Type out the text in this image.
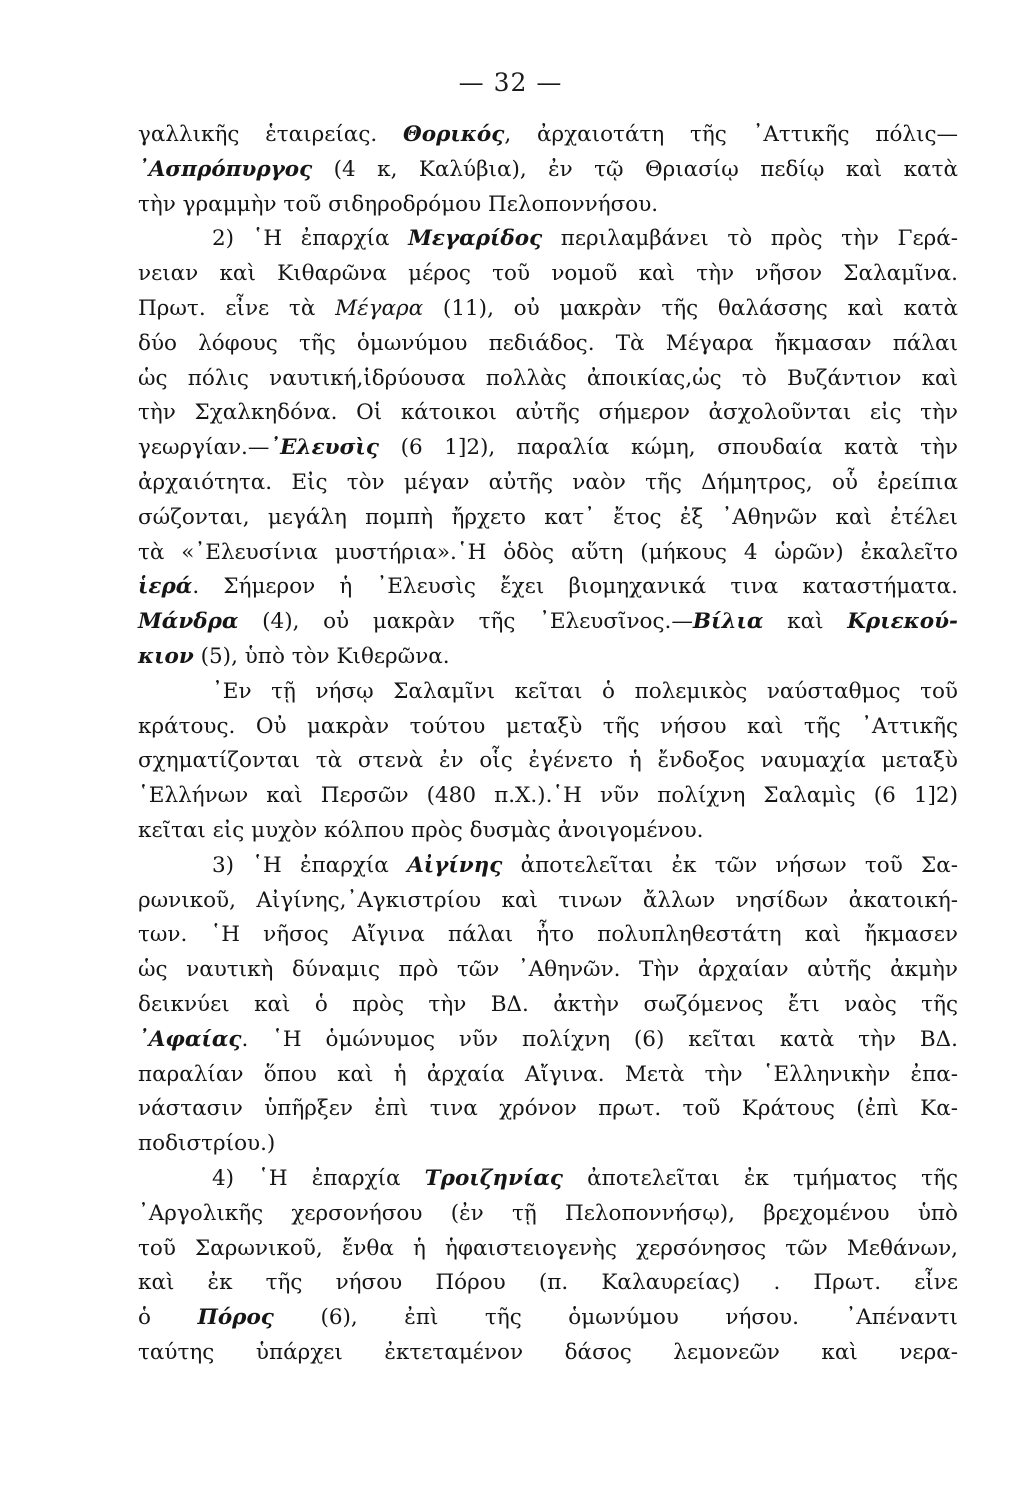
— 32 —
γαλλικῆς ἑταιρείας. Θορικός, ἀρχαιοτάτη τῆς ᾿Αττικῆς πόλις—
᾿Ασπρόπυργος (4 κ, Καλύβια), ἐν τῷ Θριασίῳ πεδίῳ καὶ κατὰ
τὴν γραμμὴν τοῦ σιδηροδρόμου Πελοποννήσου.
2) ῾Η ἐπαρχία Μεγαρίδος περιλαμβάνει τὸ πρὸς τὴν Γερά-
νειαν καὶ Κιθαρῶνα μέρος τοῦ νομοῦ καὶ τὴν νῆσον Σαλαμῖνα.
Πρωτ. εἶνε τὰ Μέγαρα (11), οὐ μακρὰν τῆς θαλάσσης καὶ κατὰ
δύο λόφους τῆς ὁμωνύμου πεδιάδος. Τὰ Μέγαρα ἤκμασαν πάλαι
ὡς πόλις ναυτική,ἱδρύουσα πολλὰς ἀποικίας,ὡς τὸ Βυζάντιον καὶ
τὴν Σχαλκηδόνα. Οἱ κάτοικοι αὐτῆς σήμερον ἀσχολοῦνται εἰς τὴν
γεωργίαν.—᾿Ελευσὶς (6 1]2), παραλία κώμη, σπουδαία κατὰ τὴν
ἀρχαιότητα. Εἰς τὸν μέγαν αὐτῆς ναὸν τῆς Δήμητρος, οὗ ἐρείπια
σώζονται, μεγάλη πομπὴ ἤρχετο κατ᾿ ἔτος ἐξ ᾿Αθηνῶν καὶ ἐτέλει
τὰ «᾿Ελευσίνια μυστήρια».῾Η ὁδὸς αὕτη (μήκους 4 ὡρῶν) ἐκαλεῖτο
ἱερά. Σήμερον ἡ ᾿Ελευσὶς ἔχει βιομηχανικά τινα καταστήματα.
Μάνδρα (4), οὐ μακρὰν τῆς ᾿Ελευσῖνος.—Βίλια καὶ Κριεκού-
κιον (5), ὑπὸ τὸν Κιθερῶνα.
᾿Εν τῇ νήσῳ Σαλαμῖνι κεῖται ὁ πολεμικὸς ναύσταθμος τοῦ
κράτους. Οὐ μακρὰν τούτου μεταξὺ τῆς νήσου καὶ τῆς ᾿Αττικῆς
σχηματίζονται τὰ στενὰ ἐν οἷς ἐγένετο ἡ ἔνδοξος ναυμαχία μεταξὺ
῾Ελλήνων καὶ Περσῶν (480 π.Χ.).῾Η νῦν πολίχνη Σαλαμὶς (6 1]2)
κεῖται εἰς μυχὸν κόλπου πρὸς δυσμὰς ἀνοιγομένου.
3) ῾Η ἐπαρχία Αἰγίνης ἀποτελεῖται ἐκ τῶν νήσων τοῦ Σα-
ρωνικοῦ, Αἰγίνης,᾿Αγκιστρίου καὶ τινων ἄλλων νησίδων ἀκατοική-
των. ῾Η νῆσος Αἴγινα πάλαι ἦτο πολυπληθεστάτη καὶ ἤκμασεν
ὡς ναυτικὴ δύναμις πρὸ τῶν ᾿Αθηνῶν. Τὴν ἀρχαίαν αὐτῆς ἀκμὴν
δεικνύει καὶ ὁ πρὸς τὴν ΒΔ. ἀκτὴν σωζόμενος ἔτι ναὸς τῆς
᾿Αφαίας. ῾Η ὁμώνυμος νῦν πολίχνη (6) κεῖται κατὰ τὴν ΒΔ.
παραλίαν ὅπου καὶ ἡ ἀρχαία Αἴγινα. Μετὰ τὴν ῾Ελληνικὴν ἐπα-
νάστασιν ὑπῆρξεν ἐπὶ τινα χρόνον πρωτ. τοῦ Κράτους (ἐπὶ Κα-
ποδιστρίου.)
4) ῾Η ἐπαρχία Τροιζηνίας ἀποτελεῖται ἐκ τμήματος τῆς
᾿Αργολικῆς χερσονήσου (ἐν τῇ Πελοποννήσῳ), βρεχομένου ὑπὸ
τοῦ Σαρωνικοῦ, ἔνθα ἡ ἡφαιστειογενὴς χερσόνησος τῶν Μεθάνων,
καὶ ἐκ τῆς νήσου Πόρου (π. Καλαυρείας) . Πρωτ. εἶνε
ὁ Πόρος (6), ἐπὶ τῆς ὁμωνύμου νήσου. ᾿Απέναντι
ταύτης ὑπάρχει ἐκτεταμένον δάσος λεμονεῶν καὶ νερα-
